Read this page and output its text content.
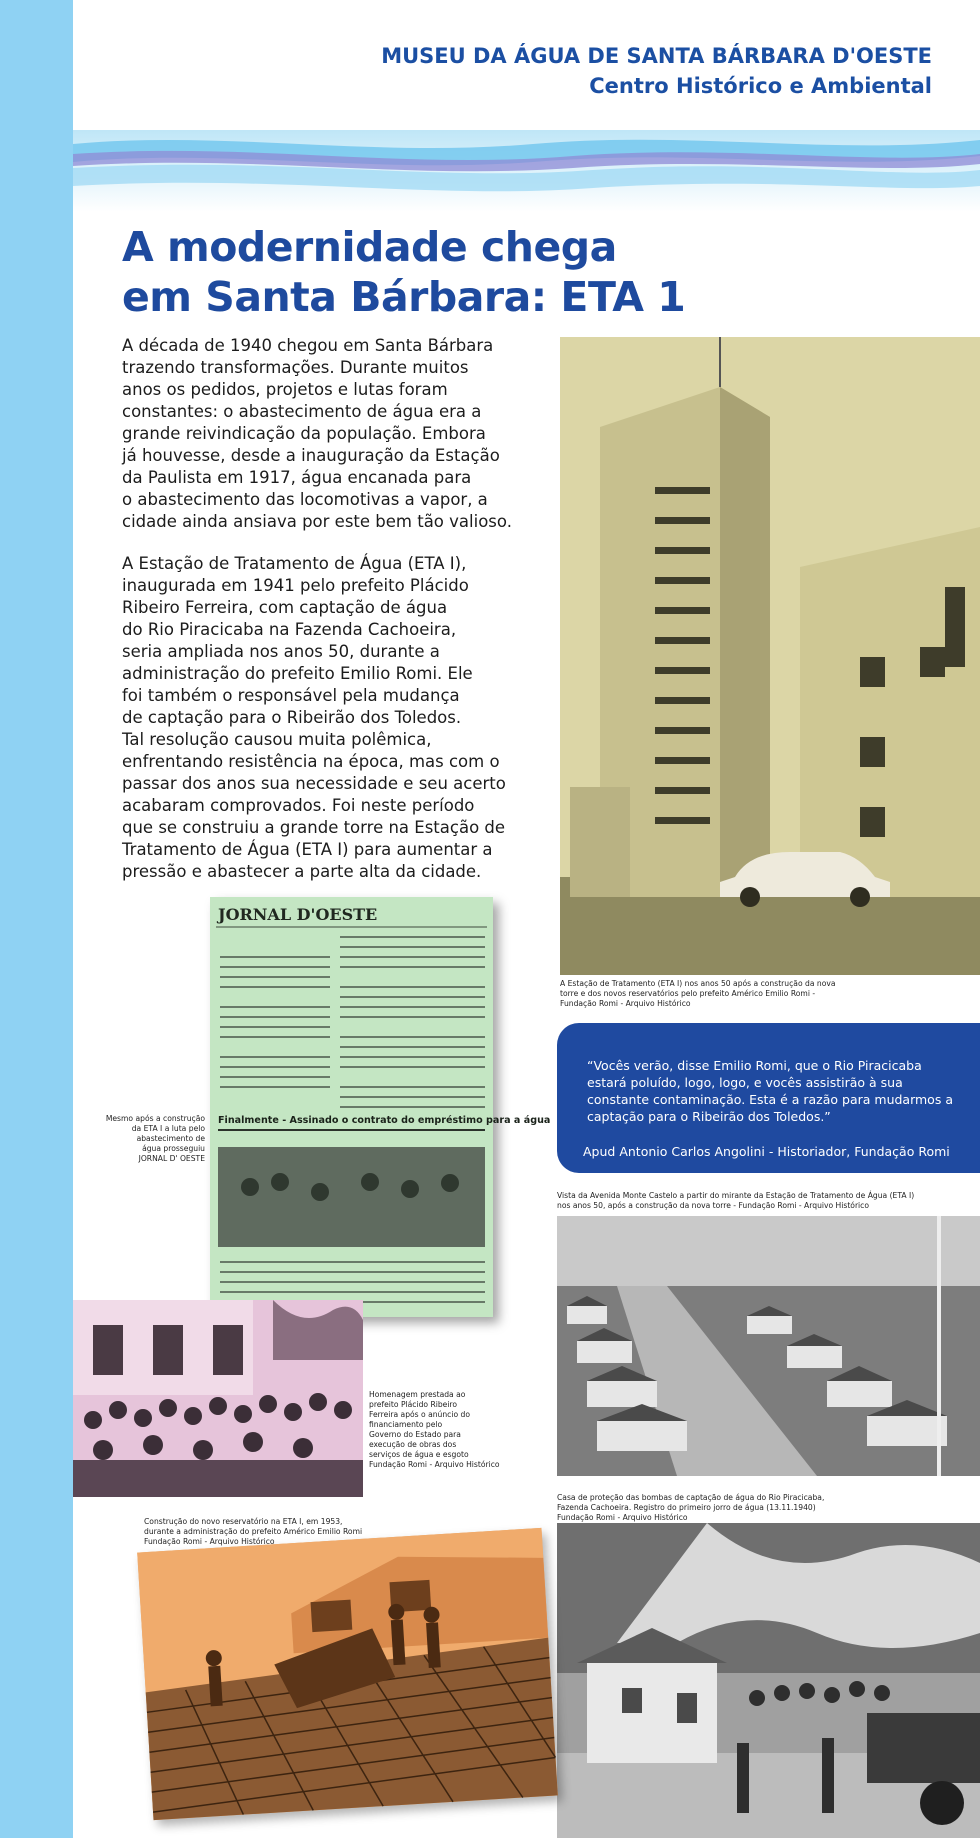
MUSEU DA ÁGUA DE SANTA BÁRBARA D'OESTE
Centro Histórico e Ambiental
A modernidade chega
em Santa Bárbara: ETA 1
A década de 1940 chegou em Santa Bárbara
trazendo transformações. Durante muitos
anos os pedidos, projetos e lutas foram
constantes: o abastecimento de água era a
grande reivindicação da população. Embora
já houvesse, desde a inauguração da Estação
da Paulista em 1917, água encanada para
o abastecimento das locomotivas a vapor, a
cidade ainda ansiava por este bem tão valioso.
A Estação de Tratamento de Água (ETA I),
inaugurada em 1941 pelo prefeito Plácido
Ribeiro Ferreira, com captação de água
do Rio Piracicaba na Fazenda Cachoeira,
seria ampliada nos anos 50, durante a
administração do prefeito Emilio Romi. Ele
foi também o responsável pela mudança
de captação para o Ribeirão dos Toledos.
Tal resolução causou muita polêmica,
enfrentando resistência na época, mas com o
passar dos anos sua necessidade e seu acerto
acabaram comprovados. Foi neste período
que se construiu a grande torre na Estação de
Tratamento de Água (ETA I) para aumentar a
pressão e abastecer a parte alta da cidade.
A Estação de Tratamento (ETA I) nos anos 50 após a construção da nova
torre e dos novos reservatórios pelo prefeito Américo Emilio Romi -
Fundação Romi - Arquivo Histórico
JORNAL D'OESTE
Finalmente - Assinado o contrato do empréstimo para a água
Mesmo após a construção
da ETA I a luta pelo
abastecimento de
água prosseguiu
JORNAL D' OESTE
“Vocês verão, disse Emilio Romi, que o Rio Piracicaba
estará poluído, logo, logo, e vocês assistirão à sua
constante contaminação. Esta é a razão para mudarmos a
captação para o Ribeirão dos Toledos.”
Apud Antonio Carlos Angolini - Historiador, Fundação Romi
Vista da Avenida Monte Castelo a partir do mirante da Estação de Tratamento de Água (ETA I)
nos anos 50, após a construção da nova torre - Fundação Romi - Arquivo Histórico
Homenagem prestada ao
prefeito Plácido Ribeiro
Ferreira após o anúncio do
financiamento pelo
Governo do Estado para
execução de obras dos
serviços de água e esgoto
Fundação Romi - Arquivo Histórico
Casa de proteção das bombas de captação de água do Rio Piracicaba,
Fazenda Cachoeira. Registro do primeiro jorro de água (13.11.1940)
Fundação Romi - Arquivo Histórico
Construção do novo reservatório na ETA I, em 1953,
durante a administração do prefeito Américo Emilio Romi
Fundação Romi - Arquivo Histórico
